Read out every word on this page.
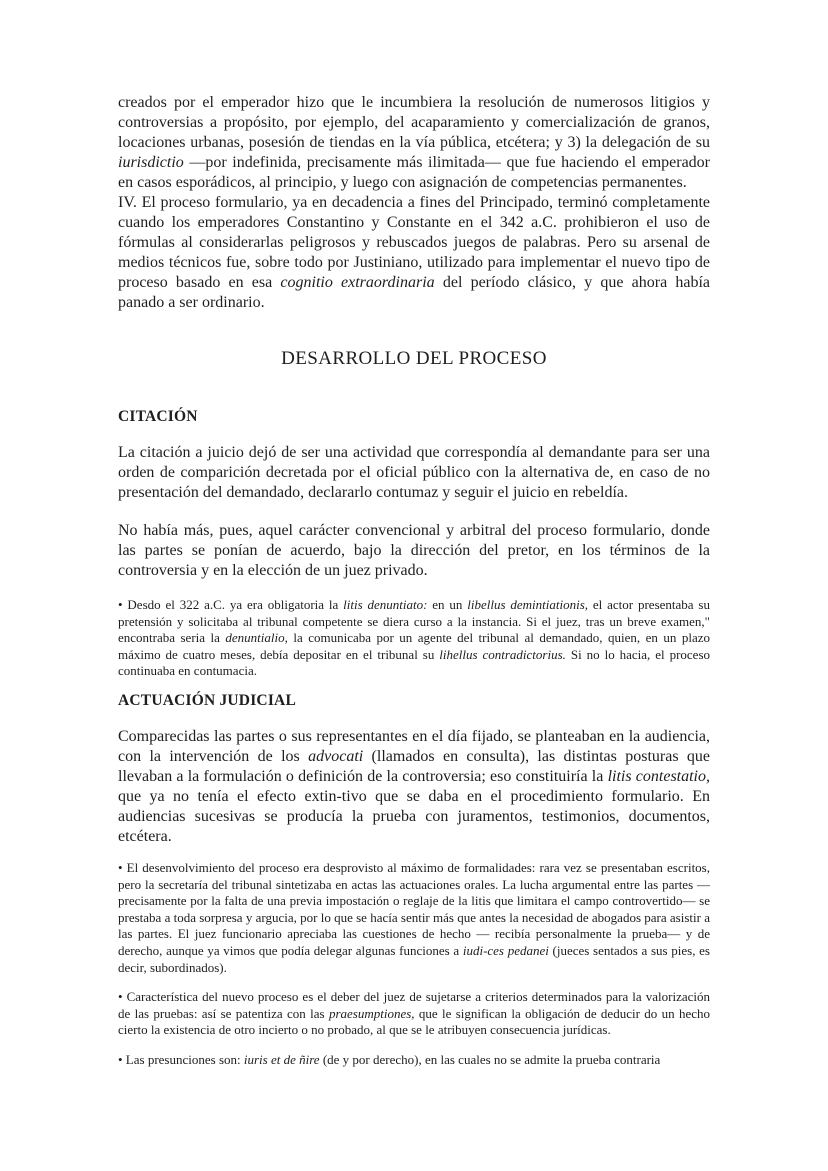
creados por el emperador hizo que le incumbiera la resolución de numerosos litigios y controversias a propósito, por ejemplo, del acaparamiento y comercialización de granos, locaciones urbanas, posesión de tiendas en la vía pública, etcétera; y 3) la delegación de su iurisdictio —por indefinida, precisamente más ilimitada— que fue haciendo el emperador en casos esporádicos, al principio, y luego con asignación de competencias permanentes.

IV. El proceso formulario, ya en decadencia a fines del Principado, terminó completamente cuando los emperadores Constantino y Constante en el 342 a.C. prohibieron el uso de fórmulas al considerarlas peligrosos y rebuscados juegos de palabras. Pero su arsenal de medios técnicos fue, sobre todo por Justiniano, utilizado para implementar el nuevo tipo de proceso basado en esa cognitio extraordinaria del período clásico, y que ahora había panado a ser ordinario.

DESARROLLO DEL PROCESO
CITACIÓN

La citación a juicio dejó de ser una actividad que correspondía al demandante para ser una orden de comparición decretada por el oficial público con la alternativa de, en caso de no presentación del demandado, declararlo contumaz y seguir el juicio en rebeldía.

No había más, pues, aquel carácter convencional y arbitral del proceso formulario, donde las partes se ponían de acuerdo, bajo la dirección del pretor, en los términos de la controversia y en la elección de un juez privado.

• Desdo el 322 a.C. ya era obligatoria la litis denuntiato: en un libellus demintiationis, el actor presentaba su pretensión y solicitaba al tribunal competente se diera curso a la instancia. Si el juez, tras un breve examen," encontraba seria la denuntialio, la comunicaba por un agente del tribunal al demandado, quien, en un plazo máximo de cuatro meses, debía depositar en el tribunal su lihellus contradictorius. Si no lo hacia, el proceso continuaba en contumacia.

ACTUACIÓN JUDICIAL

Comparecidas las partes o sus representantes en el día fijado, se planteaban en la audiencia, con la intervención de los advocati (llamados en consulta), las distintas posturas que llevaban a la formulación o definición de la controversia; eso constituiría la litis contestatio, que ya no tenía el efecto extin-tivo que se daba en el procedimiento formulario. En audiencias sucesivas se producía la prueba con juramentos, testimonios, documentos, etcétera.

• El desenvolvimiento del proceso era desprovisto al máximo de formalidades: rara vez se presentaban escritos, pero la secretaría del tribunal sintetizaba en actas las actuaciones orales. La lucha argumental entre las partes —precisamente por la falta de una previa impostación o reglaje de la litis que limitara el campo controvertido— se prestaba a toda sorpresa y argucia, por lo que se hacía sentir más que antes la necesidad de abogados para asistir a las partes. El juez funcionario apreciaba las cuestiones de hecho — recibía personalmente la prueba— y de derecho, aunque ya vimos que podía delegar algunas funciones a iudi-ces pedanei (jueces sentados a sus pies, es decir, subordinados).

• Característica del nuevo proceso es el deber del juez de sujetarse a criterios determinados para la valorización de las pruebas: así se patentiza con las praesumptiones, que le significan la obligación de deducir do un hecho cierto la existencia de otro incierto o no probado, al que se le atribuyen consecuencia jurídicas.

• Las presunciones son: iuris et de ñire (de y por derecho), en las cuales no se admite la prueba contraria
